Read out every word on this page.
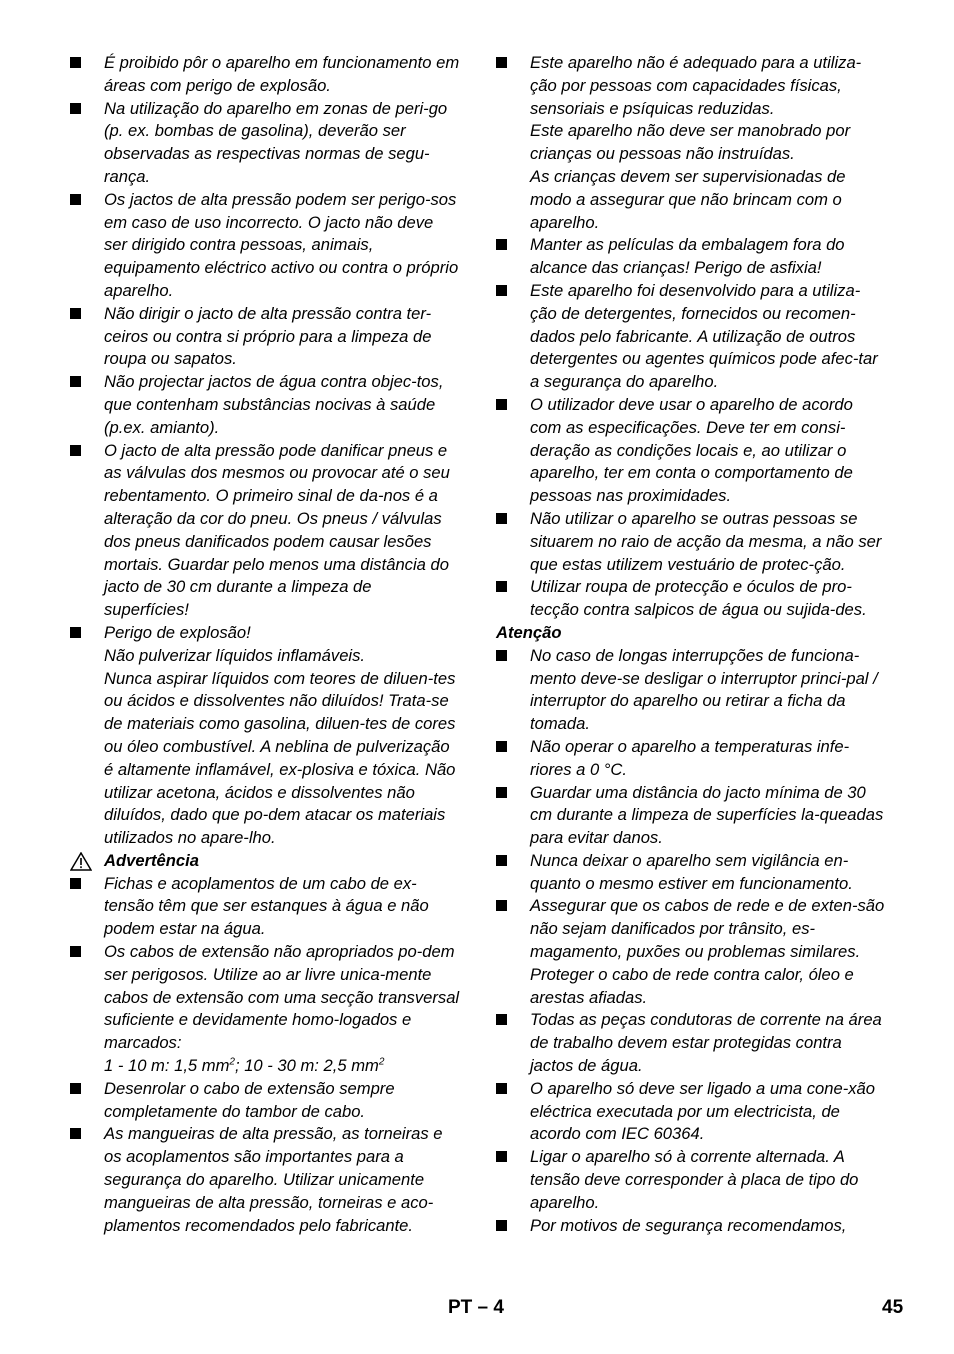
É proibido pôr o aparelho em funcionamento em áreas com perigo de explosão.
Na utilização do aparelho em zonas de peri-go (p. ex. bombas de gasolina), deverão ser observadas as respectivas normas de segu-rança.
Os jactos de alta pressão podem ser perigo-sos em caso de uso incorrecto. O jacto não deve ser dirigido contra pessoas, animais, equipamento eléctrico activo ou contra o próprio aparelho.
Não dirigir o jacto de alta pressão contra ter-ceiros ou contra si próprio para a limpeza de roupa ou sapatos.
Não projectar jactos de água contra objec-tos, que contenham substâncias nocivas à saúde (p.ex. amianto).
O jacto de alta pressão pode danificar pneus e as válvulas dos mesmos ou provocar até o seu rebentamento. O primeiro sinal de da-nos é a alteração da cor do pneu. Os pneus / válvulas dos pneus danificados podem causar lesões mortais. Guardar pelo menos uma distância do jacto de 30 cm durante a limpeza de superfícies!
Perigo de explosão!
Não pulverizar líquidos inflamáveis.
Nunca aspirar líquidos com teores de diluen-tes ou ácidos e dissolventes não diluídos! Trata-se de materiais como gasolina, diluen-tes de cores ou óleo combustível. A neblina de pulverização é altamente inflamável, ex-plosiva e tóxica. Não utilizar acetona, ácidos e dissolventes não diluídos, dado que po-dem atacar os materiais utilizados no apare-lho.
Advertência
Fichas e acoplamentos de um cabo de ex-tensão têm que ser estanques à água e não podem estar na água.
Os cabos de extensão não apropriados po-dem ser perigosos. Utilize ao ar livre unica-mente cabos de extensão com uma secção transversal suficiente e devidamente homo-logados e marcados:
1 - 10 m: 1,5 $mm^2$; 10 - 30 m: 2,5 $mm^2$
Desenrolar o cabo de extensão sempre completamente do tambor de cabo.
As mangueiras de alta pressão, as torneiras e os acoplamentos são importantes para a segurança do aparelho. Utilizar unicamente mangueiras de alta pressão, torneiras e aco-plamentos recomendados pelo fabricante.
Este aparelho não é adequado para a utiliza-ção por pessoas com capacidades físicas, sensoriais e psíquicas reduzidas.
Este aparelho não deve ser manobrado por crianças ou pessoas não instruídas.
As crianças devem ser supervisionadas de modo a assegurar que não brincam com o aparelho.
Manter as películas da embalagem fora do alcance das crianças! Perigo de asfixia!
Este aparelho foi desenvolvido para a utiliza-ção de detergentes, fornecidos ou recomen-dados pelo fabricante. A utilização de outros detergentes ou agentes químicos pode afec-tar a segurança do aparelho.
O utilizador deve usar o aparelho de acordo com as especificações. Deve ter em consi-deração as condições locais e, ao utilizar o aparelho, ter em conta o comportamento de pessoas nas proximidades.
Não utilizar o aparelho se outras pessoas se situarem no raio de acção da mesma, a não ser que estas utilizem vestuário de protec-ção.
Utilizar roupa de protecção e óculos de pro-tecção contra salpicos de água ou sujida-des.
Atenção
No caso de longas interrupções de funciona-mento deve-se desligar o interruptor princi-pal / interruptor do aparelho ou retirar a ficha da tomada.
Não operar o aparelho a temperaturas infe-riores a 0 °C.
Guardar uma distância do jacto mínima de 30 cm durante a limpeza de superfícies la-queadas para evitar danos.
Nunca deixar o aparelho sem vigilância en-quanto o mesmo estiver em funcionamento.
Assegurar que os cabos de rede e de exten-são não sejam danificados por trânsito, es-magamento, puxões ou problemas similares. Proteger o cabo de rede contra calor, óleo e arestas afiadas.
Todas as peças condutoras de corrente na área de trabalho devem estar protegidas contra jactos de água.
O aparelho só deve ser ligado a uma cone-xão eléctrica executada por um electricista, de acordo com IEC 60364.
Ligar o aparelho só à corrente alternada. A tensão deve corresponder à placa de tipo do aparelho.
Por motivos de segurança recomendamos,
PT – 4	45
